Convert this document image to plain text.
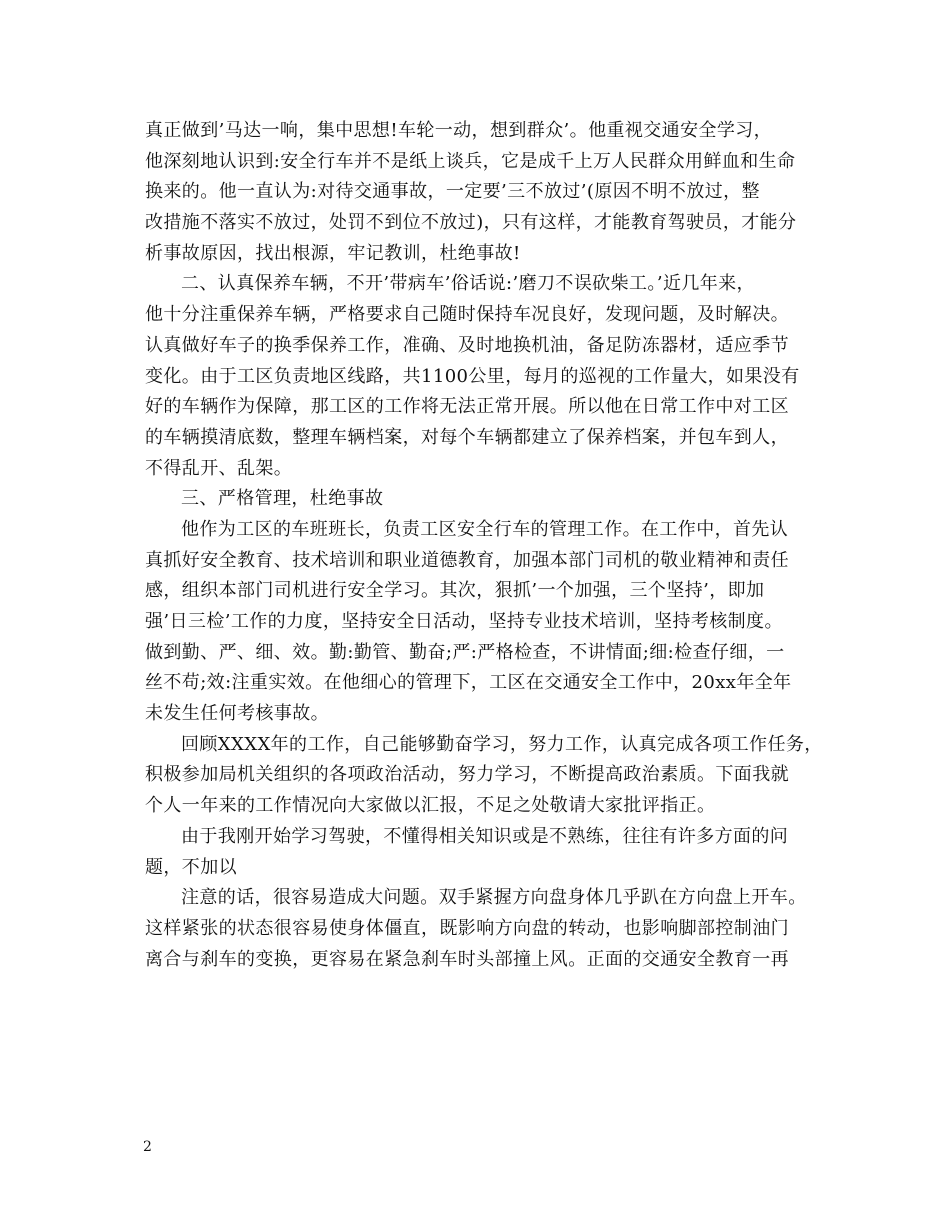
真正做到’马达一响，集中思想!车轮一动，想到群众’。他重视交通安全学习，
他深刻地认识到:安全行车并不是纸上谈兵，它是成千上万人民群众用鲜血和生命
换来的。他一直认为:对待交通事故，一定要’三不放过’(原因不明不放过，整
改措施不落实不放过，处罚不到位不放过)，只有这样，才能教育驾驶员，才能分
析事故原因，找出根源，牢记教训，杜绝事故!
二、认真保养车辆，不开’带病车’俗话说:’磨刀不误砍柴工。’近几年来，
他十分注重保养车辆，严格要求自己随时保持车况良好，发现问题，及时解决。
认真做好车子的换季保养工作，准确、及时地换机油，备足防冻器材，适应季节
变化。由于工区负责地区线路，共1100公里，每月的巡视的工作量大，如果没有
好的车辆作为保障，那工区的工作将无法正常开展。所以他在日常工作中对工区
的车辆摸清底数，整理车辆档案，对每个车辆都建立了保养档案，并包车到人，
不得乱开、乱架。
三、严格管理，杜绝事故
他作为工区的车班班长，负责工区安全行车的管理工作。在工作中，首先认
真抓好安全教育、技术培训和职业道德教育，加强本部门司机的敬业精神和责任
感，组织本部门司机进行安全学习。其次，狠抓’一个加强，三个坚持’，即加
强’日三检’工作的力度，坚持安全日活动，坚持专业技术培训，坚持考核制度。
做到勤、严、细、效。勤:勤管、勤奋;严:严格检查，不讲情面;细:检查仔细，一
丝不苟;效:注重实效。在他细心的管理下，工区在交通安全工作中，20xx年全年
未发生任何考核事故。
回顾XXXX年的工作，自己能够勤奋学习，努力工作，认真完成各项工作任务，
积极参加局机关组织的各项政治活动，努力学习，不断提高政治素质。下面我就
个人一年来的工作情况向大家做以汇报，不足之处敬请大家批评指正。
由于我刚开始学习驾驶，不懂得相关知识或是不熟练，往往有许多方面的问
题，不加以
注意的话，很容易造成大问题。双手紧握方向盘身体几乎趴在方向盘上开车。
这样紧张的状态很容易使身体僵直，既影响方向盘的转动，也影响脚部控制油门
离合与刹车的变换，更容易在紧急刹车时头部撞上风。正面的交通安全教育一再
2
